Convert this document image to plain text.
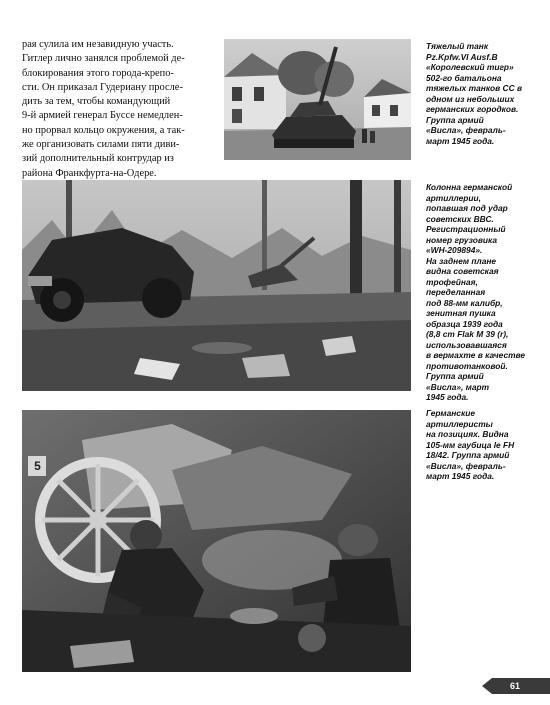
рая сулила им незавидную участь.
Гитлер лично занялся проблемой де-
блокирования этого города-крепо-
сти. Он приказал Гудериану просле-
дить за тем, чтобы командующий
9-й армией генерал Буссе немедлен-
но прорвал кольцо окружения, а так-
же организовать силами пяти диви-
зий дополнительный контрудар из
района Франкфурта-на-Одере.
5
Тяжелый танк
Pz.Kpfw.VI Ausf.B
«Королевский тигр»
502-го батальона
тяжелых танков СС в
одном из небольших
германских городков.
Группа армий
«Висла», февраль-
март 1945 года.
Колонна германской
артиллерии,
попавшая под удар
советских ВВС.
Регистрационный
номер грузовика
«WH-209894».
На заднем плане
видна советская
трофейная,
переделанная
под 88-мм калибр,
зенитная пушка
образца 1939 года
(8,8 cm Flak M 39 (r),
использовавшаяся
в вермахте в качестве
противотанковой.
Группа армий
«Висла», март
1945 года.
Германские
артиллеристы
на позициях. Видна
105-мм гаубица le FH
18/42. Группа армий
«Висла», февраль-
март 1945 года.
61
